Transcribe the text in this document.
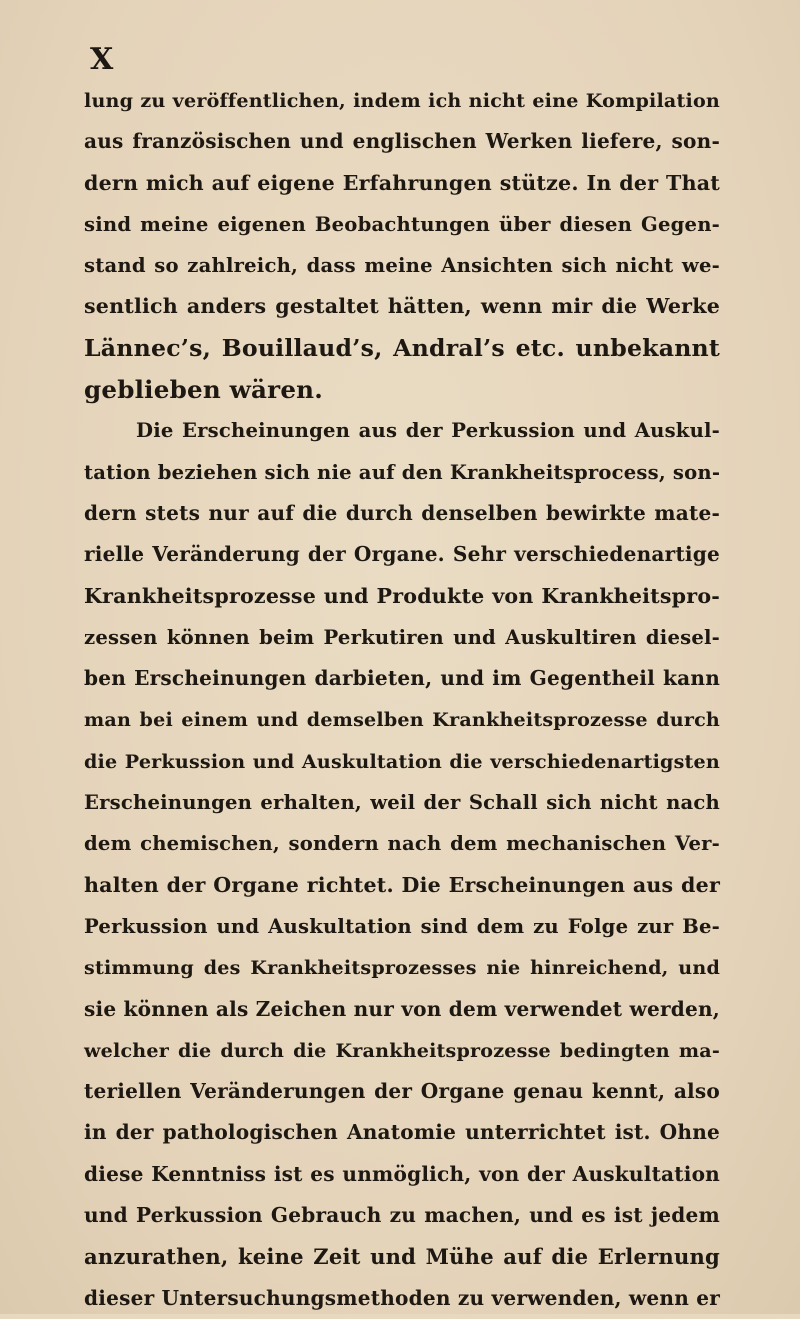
X
lung zu veröffentlichen, indem ich nicht eine Kompilation
aus französischen und englischen Werken liefere, son-
dern mich auf eigene Erfahrungen stütze. In der That
sind meine eigenen Beobachtungen über diesen Gegen-
stand so zahlreich, dass meine Ansichten sich nicht we-
sentlich anders gestaltet hätten, wenn mir die Werke
Lännec’s, Bouillaud’s, Andral’s etc. unbekannt
geblieben wären.
Die Erscheinungen aus der Perkussion und Auskul-
tation beziehen sich nie auf den Krankheitsprocess, son-
dern stets nur auf die durch denselben bewirkte mate-
rielle Veränderung der Organe. Sehr verschiedenartige
Krankheitsprozesse und Produkte von Krankheitspro-
zessen können beim Perkutiren und Auskultiren diesel-
ben Erscheinungen darbieten, und im Gegentheil kann
man bei einem und demselben Krankheitsprozesse durch
die Perkussion und Auskultation die verschiedenartigsten
Erscheinungen erhalten, weil der Schall sich nicht nach
dem chemischen, sondern nach dem mechanischen Ver-
halten der Organe richtet. Die Erscheinungen aus der
Perkussion und Auskultation sind dem zu Folge zur Be-
stimmung des Krankheitsprozesses nie hinreichend, und
sie können als Zeichen nur von dem verwendet werden,
welcher die durch die Krankheitsprozesse bedingten ma-
teriellen Veränderungen der Organe genau kennt, also
in der pathologischen Anatomie unterrichtet ist. Ohne
diese Kenntniss ist es unmöglich, von der Auskultation
und Perkussion Gebrauch zu machen, und es ist jedem
anzurathen, keine Zeit und Mühe auf die Erlernung
dieser Untersuchungsmethoden zu verwenden, wenn er
